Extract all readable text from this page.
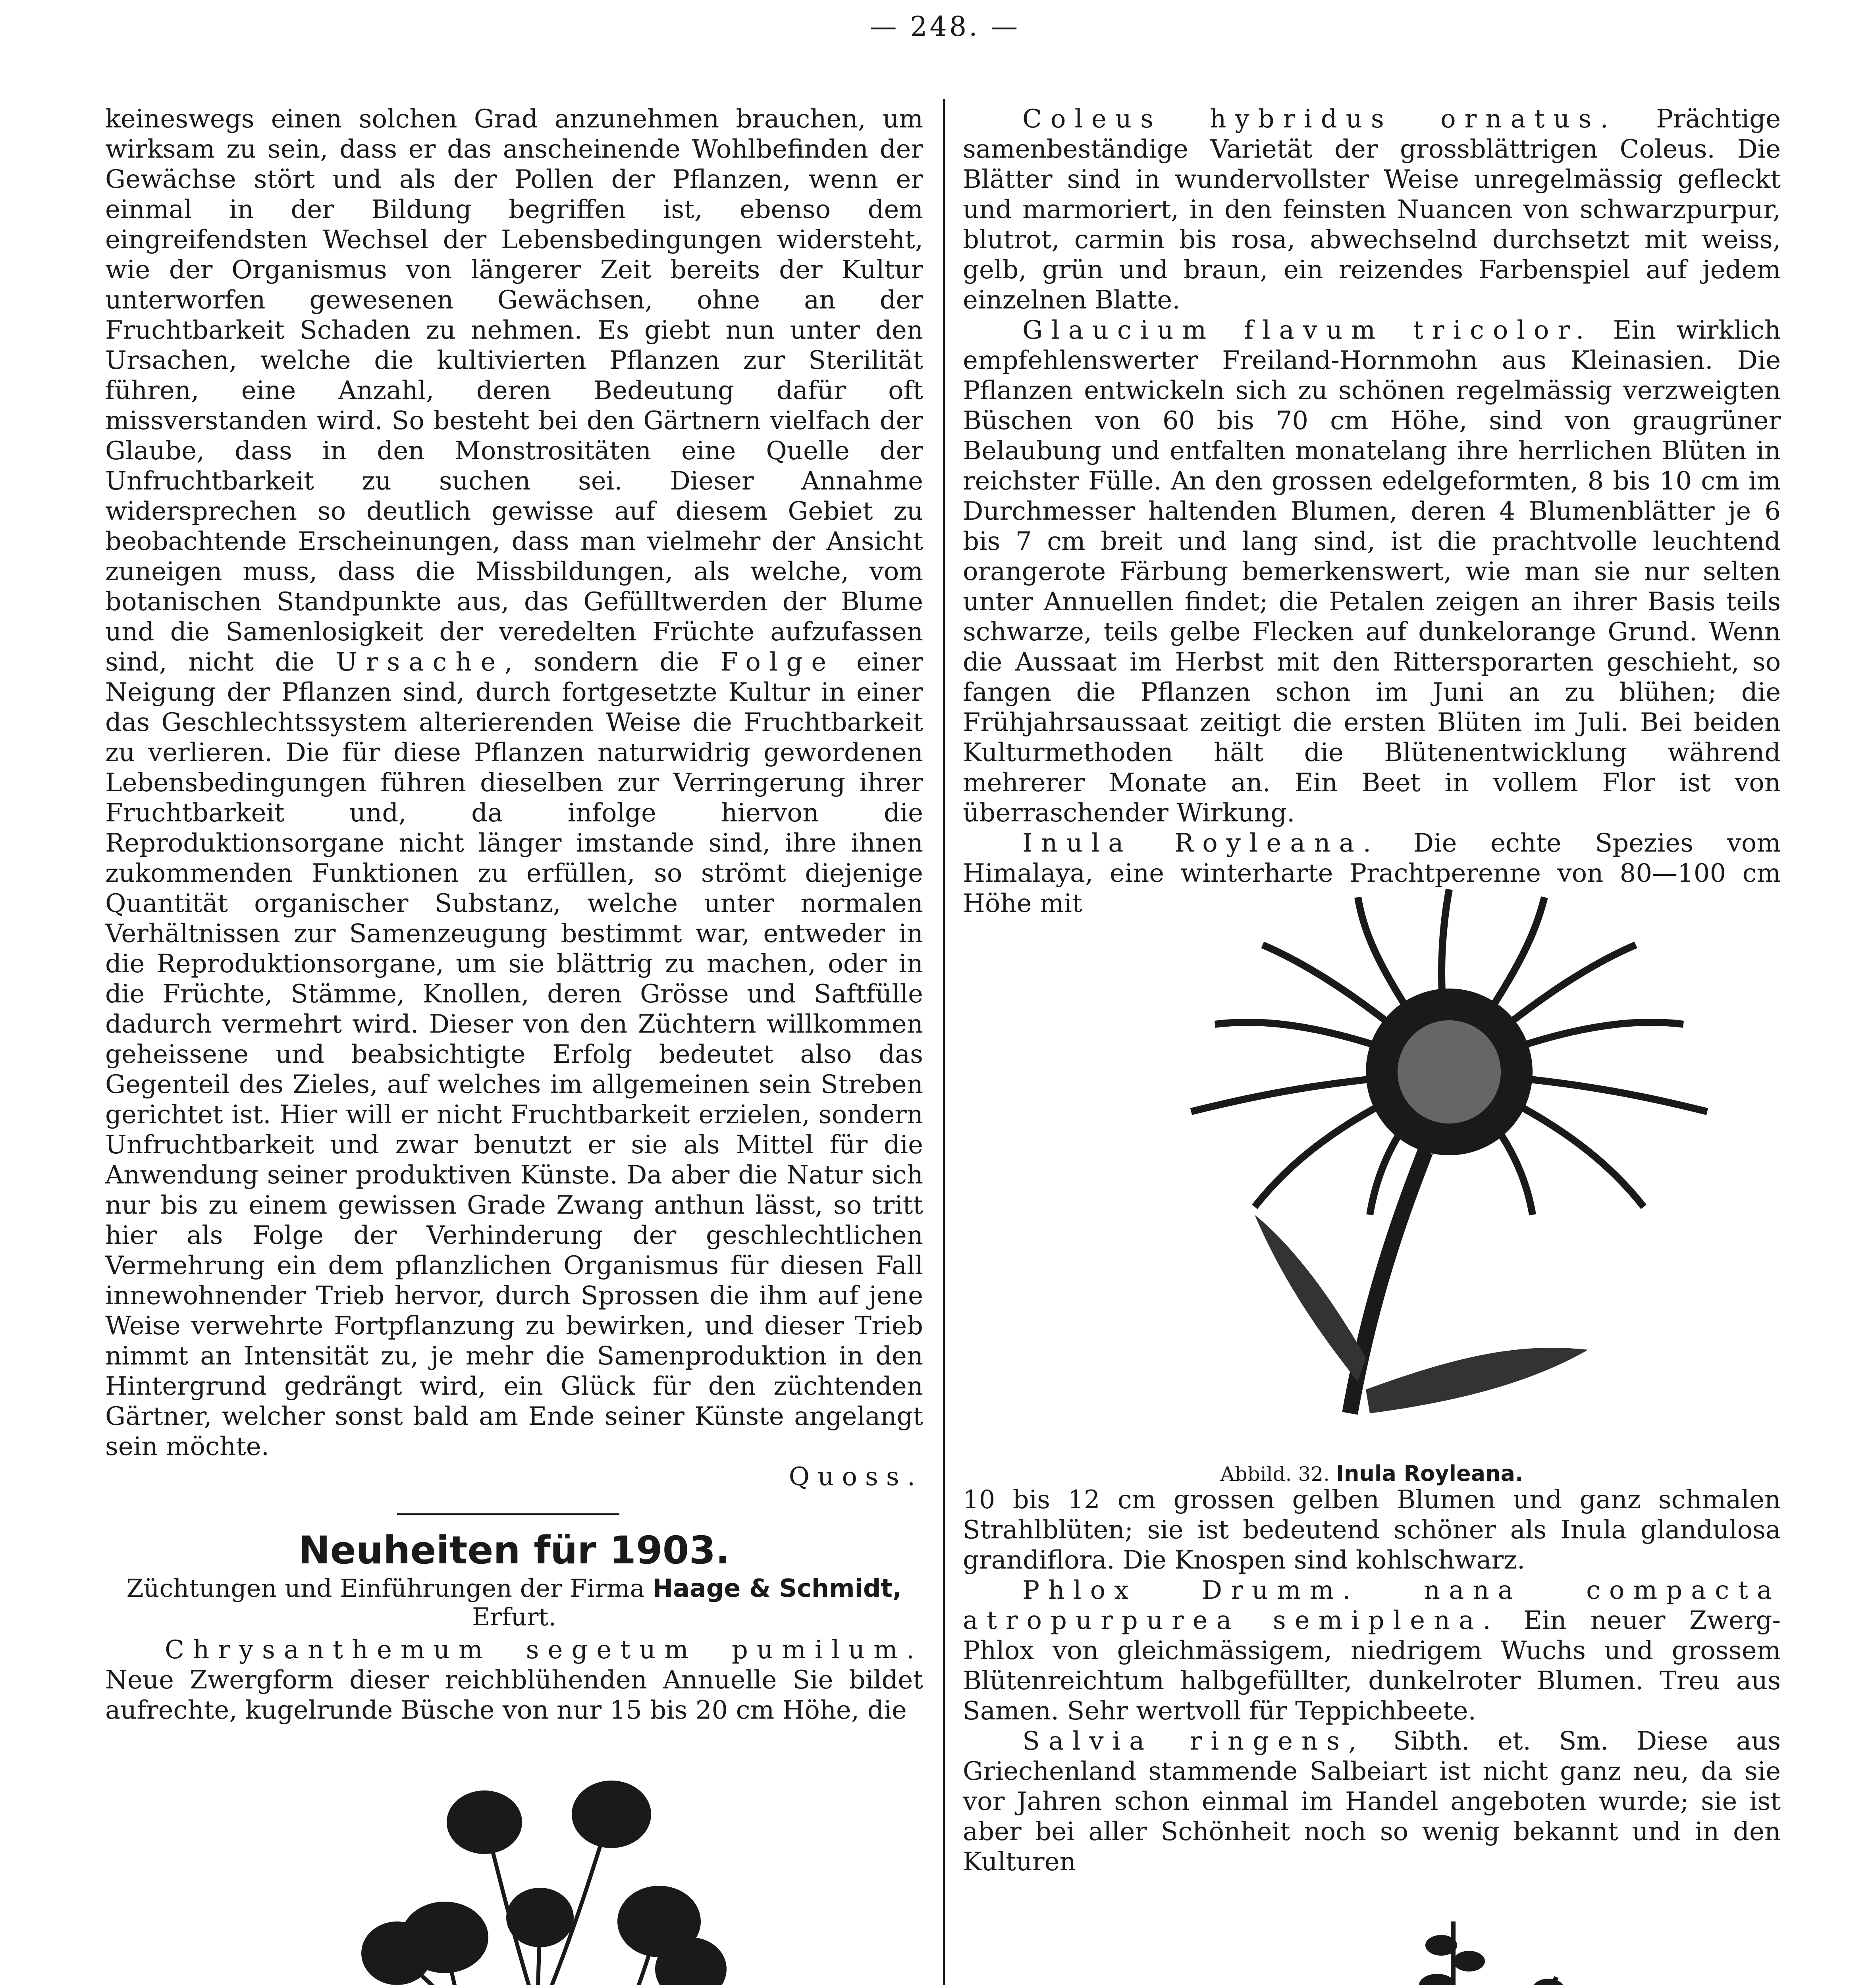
— 248. —

keineswegs einen solchen Grad anzunehmen brauchen, um wirksam zu sein, dass er das anscheinende Wohlbefinden der Gewächse stört und als der Pollen der Pflanzen, wenn er einmal in der Bildung begriffen ist, ebenso dem eingreifendsten Wechsel der Lebensbedingungen widersteht, wie der Organismus von längerer Zeit bereits der Kultur unterworfen gewesenen Gewächsen, ohne an der Fruchtbarkeit Schaden zu nehmen. Es giebt nun unter den Ursachen, welche die kultivierten Pflanzen zur Sterilität führen, eine Anzahl, deren Bedeutung dafür oft missverstanden wird. So besteht bei den Gärtnern vielfach der Glaube, dass in den Monstrositäten eine Quelle der Unfruchtbarkeit zu suchen sei. Dieser Annahme widersprechen so deutlich gewisse auf diesem Gebiet zu beobachtende Erscheinungen, dass man vielmehr der Ansicht zuneigen muss, dass die Missbildungen, als welche, vom botanischen Standpunkte aus, das Gefülltwerden der Blume und die Samenlosigkeit der veredelten Früchte aufzufassen sind, nicht die Ursache, sondern die Folge einer Neigung der Pflanzen sind, durch fortgesetzte Kultur in einer das Geschlechtssystem alterierenden Weise die Fruchtbarkeit zu verlieren. Die für diese Pflanzen naturwidrig gewordenen Lebensbedingungen führen dieselben zur Verringerung ihrer Fruchtbarkeit und, da infolge hiervon die Reproduktionsorgane nicht länger imstande sind, ihre ihnen zukommenden Funktionen zu erfüllen, so strömt diejenige Quantität organischer Substanz, welche unter normalen Verhältnissen zur Samenzeugung bestimmt war, entweder in die Reproduktionsorgane, um sie blättrig zu machen, oder in die Früchte, Stämme, Knollen, deren Grösse und Saftfülle dadurch vermehrt wird. Dieser von den Züchtern willkommen geheissene und beabsichtigte Erfolg bedeutet also das Gegenteil des Zieles, auf welches im allgemeinen sein Streben gerichtet ist. Hier will er nicht Fruchtbarkeit erzielen, sondern Unfruchtbarkeit und zwar benutzt er sie als Mittel für die Anwendung seiner produktiven Künste. Da aber die Natur sich nur bis zu einem gewissen Grade Zwang anthun lässt, so tritt hier als Folge der Verhinderung der geschlechtlichen Vermehrung ein dem pflanzlichen Organismus für diesen Fall innewohnender Trieb hervor, durch Sprossen die ihm auf jene Weise verwehrte Fortpflanzung zu bewirken, und dieser Trieb nimmt an Intensität zu, je mehr die Samenproduktion in den Hintergrund gedrängt wird, ein Glück für den züchtenden Gärtner, welcher sonst bald am Ende seiner Künste angelangt sein möchte.

Quoss.

Neuheiten für 1903.
Züchtungen und Einführungen der Firma Haage & Schmidt,
Erfurt.

Chrysanthemum segetum pumilum. Neue Zwergform dieser reichblühenden Annuelle Sie bildet aufrechte, kugelrunde Büsche von nur 15 bis 20 cm Höhe, die

Coleus hybridus ornatus. Prächtige samenbeständige Varietät der grossblättrigen Coleus. Die Blätter sind in wundervollster Weise unregelmässig gefleckt und marmoriert, in den feinsten Nuancen von schwarzpurpur, blutrot, carmin bis rosa, abwechselnd durchsetzt mit weiss, gelb, grün und braun, ein reizendes Farbenspiel auf jedem einzelnen Blatte.

Glaucium flavum tricolor. Ein wirklich empfehlenswerter Freiland-Hornmohn aus Kleinasien. Die Pflanzen entwickeln sich zu schönen regelmässig verzweigten Büschen von 60 bis 70 cm Höhe, sind von graugrüner Belaubung und entfalten monatelang ihre herrlichen Blüten in reichster Fülle. An den grossen edelgeformten, 8 bis 10 cm im Durchmesser haltenden Blumen, deren 4 Blumenblätter je 6 bis 7 cm breit und lang sind, ist die prachtvolle leuchtend orangerote Färbung bemerkenswert, wie man sie nur selten unter Annuellen findet; die Petalen zeigen an ihrer Basis teils schwarze, teils gelbe Flecken auf dunkelorange Grund. Wenn die Aussaat im Herbst mit den Rittersporarten geschieht, so fangen die Pflanzen schon im Juni an zu blühen; die Frühjahrsaussaat zeitigt die ersten Blüten im Juli. Bei beiden Kulturmethoden hält die Blütenentwicklung während mehrerer Monate an. Ein Beet in vollem Flor ist von überraschender Wirkung.

Inula Royleana. Die echte Spezies vom Himalaya, eine winterharte Prachtperenne von 80—100 cm Höhe mit

Abbild. 32. Inula Royleana.

10 bis 12 cm grossen gelben Blumen und ganz schmalen Strahlblüten; sie ist bedeutend schöner als Inula glandulosa grandiflora. Die Knospen sind kohlschwarz.

Phlox Drumm. nana compacta atropurpurea semiplena. Ein neuer Zwerg-Phlox von gleichmässigem, niedrigem Wuchs und grossem Blütenreichtum halbgefüllter, dunkelroter Blumen. Treu aus Samen. Sehr wertvoll für Teppichbeete.

Salvia ringens, Sibth. et. Sm. Diese aus Griechenland stammende Salbeiart ist nicht ganz neu, da sie vor Jahren schon einmal im Handel angeboten wurde; sie ist aber bei aller Schönheit noch so wenig bekannt und in den Kulturen
